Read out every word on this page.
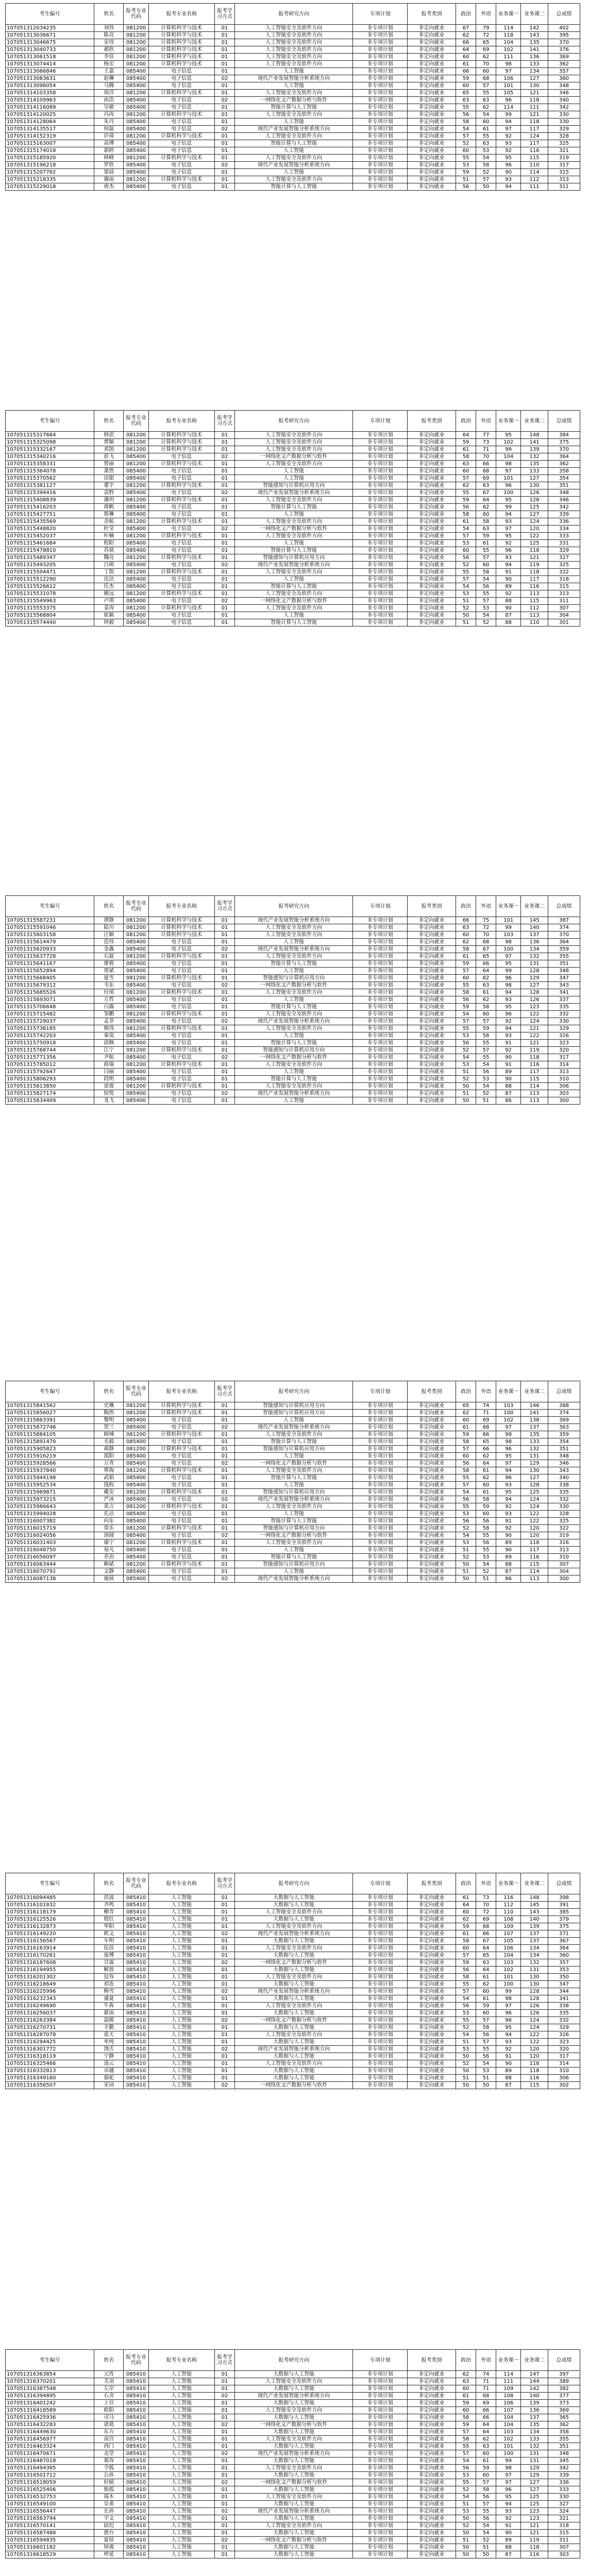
考生编号	姓名	报考专业代码	报考专业名称	报考学习方式	报考研究方向	专项计划	报考类别	政治	外语	业务课一	业务课二	总成绩
107051312034235	刘伟	081200	计算机科学与技术	01	人工智能安全及软件方向	非专项计划	非定向就业	67	79	114	142	402
107051313036671	陈亮	081200	计算机科学与技术	01	人工智能安全及软件方向	非专项计划	非定向就业	62	72	118	143	395
107051313046675	宋伟	081200	计算机科学与技术	01	人工智能安全及软件方向	非专项计划	非定向就业	66	65	104	135	370
107051313040733	郝欣	081200	计算机科学与技术	01	人工智能安全及软件方向	非专项计划	非定向就业	64	69	102	141	376
107051313061518	李佳	081200	计算机科学与技术	01	人工智能安全及软件方向	非专项计划	非定向就业	60	62	111	136	369
107051313074414	杨宏	081200	计算机科学与技术	01	人工智能安全及软件方向	非专项计划	非定向就业	61	70	98	133	362
107051313066846	王嘉	085400	电子信息	01	人工智能	非专项计划	非定向就业	66	60	97	134	357
107051313083631	赵琳	085400	电子信息	02	现代产业发展智能分析系统方向	非专项计划	非定向就业	59	68	106	127	360
107051313096054	马腾	085400	电子信息	01	人工智能	非专项计划	非定向就业	60	57	101	130	348
107051314103358	周洋	081200	计算机科学与技术	01	人工智能安全及软件方向	非专项计划	非定向就业	65	55	105	121	346
107051314109963	孙浩	085400	电子信息	02	一网络化文产数据分析与软件	非专项计划	非定向就业	63	63	96	118	340
107051314116089	吴敏	085400	电子信息	01	智能计算与人工智能	非专项计划	非定向就业	55	62	114	111	342
107051314120025	冯涛	081200	计算机科学与技术	01	人工智能安全及软件方向	非专项计划	非定向就业	56	54	99	121	330
107051314128064	朱丹	085400	电子信息	01	人工智能	非专项计划	非定向就业	58	60	94	118	330
107051314135517	何磊	085400	电子信息	02	现代产业发展智能分析系统方向	非专项计划	非定向就业	54	61	97	117	329
107051314152319	许琦	081200	计算机科学与技术	01	人工智能安全及软件方向	非专项计划	非定向就业	57	55	92	124	328
107051315163007	高博	085400	电子信息	01	智能计算与人工智能	非专项计划	非定向就业	52	63	93	117	325
107051315174018	郭婷	085400	电子信息	01	人工智能	非专项计划	非定向就业	60	53	92	116	321
107051315185920	林峰	081200	计算机科学与技术	01	人工智能安全及软件方向	非专项计划	非定向就业	55	54	95	115	319
107051315196218	罗欣	085400	电子信息	02	现代产业发展智能分析系统方向	非专项计划	非定向就业	53	58	96	110	317
107051315207762	梁晨	085400	电子信息	01	人工智能	非专项计划	非定向就业	59	52	90	114	315
107051315218335	谢雨	081200	计算机科学与技术	01	人工智能安全及软件方向	非专项计划	非定向就业	51	57	93	112	313
107051315229018	唐杰	085400	电子信息	01	智能计算与人工智能	非专项计划	非定向就业	56	50	94	111	311
考生编号	姓名	报考专业代码	报考专业名称	报考学习方式	报考研究方向	专项计划	报考类别	政治	外语	业务课一	业务课二	总成绩
107051315317664	韩思	081200	计算机科学与技术	01	人工智能安全及软件方向	非专项计划	非定向就业	64	77	95	148	384
107051315325098	曹颖	081200	计算机科学与技术	01	人工智能安全及软件方向	非专项计划	非定向就业	59	73	102	141	375
107051315332167	邓凯	081200	计算机科学与技术	01	人工智能安全及软件方向	非专项计划	非定向就业	61	71	99	139	370
107051315340216	彭飞	085400	电子信息	02	一网络化文产数据分析与软件	非专项计划	非定向就业	58	70	104	132	364
107051315358331	曾丽	081200	计算机科学与技术	01	人工智能安全及软件方向	非专项计划	非定向就业	63	66	98	135	362
107051315364078	萧然	085400	电子信息	01	人工智能	非专项计划	非定向就业	60	68	97	133	358
107051315370562	田甜	085400	电子信息	01	人工智能	非专项计划	非定向就业	57	69	101	127	354
107051315381127	董宇	081200	计算机科学与技术	01	智能感知与计算机应用方向	非专项计划	非定向就业	62	63	96	130	351
107051315394416	袁野	085400	电子信息	02	现代产业发展智能分析系统方向	非专项计划	非定向就业	55	67	100	126	348
107051315408839	潘玥	081200	计算机科学与技术	01	人工智能安全及软件方向	非专项计划	非定向就业	59	64	95	128	346
107051315416203	蒋帆	085400	电子信息	01	智能计算与人工智能	非专项计划	非定向就业	56	62	99	125	342
107051315427751	蔡琳	085400	电子信息	01	人工智能	非专项计划	非定向就业	58	60	94	127	339
107051315435569	余航	081200	计算机科学与技术	01	人工智能安全及软件方向	非专项计划	非定向就业	61	58	93	124	336
107051315448820	杜莹	085400	电子信息	02	一网络化文产数据分析与软件	非专项计划	非定向就业	54	63	97	120	334
107051315452037	叶楠	081200	计算机科学与技术	01	人工智能安全及软件方向	非专项计划	非定向就业	57	59	95	122	333
107051315461684	程阳	085400	电子信息	01	人工智能	非专项计划	非定向就业	53	61	92	125	331
107051315478810	苏倩	085400	电子信息	01	智能计算与人工智能	非专项计划	非定向就业	60	55	96	118	329
107051315489347	魏亮	081200	计算机科学与技术	01	智能感知与计算机应用方向	非专项计划	非定向就业	56	57	93	121	327
107051315493205	吕萌	085400	电子信息	02	现代产业发展智能分析系统方向	非专项计划	非定向就业	52	60	94	119	325
107051315504471	丁凯	081200	计算机科学与技术	01	人工智能安全及软件方向	非专项计划	非定向就业	55	58	91	118	322
107051315512290	沈洁	085400	电子信息	01	人工智能	非专项计划	非定向就业	57	54	90	117	318
107051315526612	任杰	085400	电子信息	01	智能计算与人工智能	非专项计划	非定向就业	54	56	89	116	315
107051315531078	姚远	081200	计算机科学与技术	01	人工智能安全及软件方向	非专项计划	非定向就业	53	55	92	113	313
107051315549963	卢琪	085400	电子信息	02	一网络化文产数据分析与软件	非专项计划	非定向就业	51	57	88	115	311
107051315553375	姜涛	081200	计算机科学与技术	01	人工智能安全及软件方向	非专项计划	非定向就业	52	53	90	112	307
107051315568804	崔颖	085400	电子信息	01	人工智能	非专项计划	非定向就业	50	54	87	113	304
107051315574440	钟毅	085400	电子信息	01	智能计算与人工智能	非专项计划	非定向就业	51	52	88	110	301
考生编号	姓名	报考专业代码	报考专业名称	报考学习方式	报考研究方向	专项计划	报考类别	政治	外语	业务课一	业务课二	总成绩
107051315587231	谭静	081200	计算机科学与技术	01	现代产业发展智能分析系统方向	非专项计划	非定向就业	66	75	101	145	387
107051315591046	陆川	081200	计算机科学与技术	01	人工智能安全及软件方向	非专项计划	非定向就业	63	72	99	140	374
107051315603158	汪颖	081200	计算机科学与技术	01	人工智能安全及软件方向	非专项计划	非定向就业	60	70	103	137	370
107051315614479	范伟	085400	电子信息	01	人工智能	非专项计划	非定向就业	62	68	98	136	364
107051315620933	金鑫	085400	电子信息	02	现代产业发展智能分析系统方向	非专项计划	非定向就业	58	67	100	134	359
107051315637728	石磊	081200	计算机科学与技术	01	人工智能安全及软件方向	非专项计划	非定向就业	61	65	97	132	355
107051315641167	廖莉	085400	电子信息	01	智能计算与人工智能	非专项计划	非定向就业	59	66	95	131	351
107051315652894	贾斌	085400	电子信息	01	人工智能	非专项计划	非定向就业	57	64	99	128	348
107051315668405	夏雪	081200	计算机科学与技术	01	智能感知与计算机应用方向	非专项计划	非定向就业	60	62	96	129	347
107051315679312	韦东	085400	电子信息	02	一网络化文产数据分析与软件	非专项计划	非定向就业	55	63	98	127	343
107051315685526	付瑶	081200	计算机科学与技术	01	人工智能安全及软件方向	非专项计划	非定向就业	58	61	94	128	341
107051315693071	方哲	085400	电子信息	01	人工智能	非专项计划	非定向就业	56	62	93	126	337
107051315706648	白露	085400	电子信息	01	智能计算与人工智能	非专项计划	非定向就业	59	58	95	123	335
107051315715482	邹鹏	081200	计算机科学与技术	01	人工智能安全及软件方向	非专项计划	非定向就业	54	60	96	122	332
107051315729037	孟菲	085400	电子信息	02	现代产业发展智能分析系统方向	非专项计划	非定向就业	57	57	92	124	330
107051315736185	熊伟	081200	计算机科学与技术	01	人工智能安全及软件方向	非专项计划	非定向就业	55	59	94	121	329
107051315742203	秦岚	085400	电子信息	01	人工智能	非专项计划	非定向就业	53	58	93	122	326
107051315750918	邱枫	085400	电子信息	01	智能计算与人工智能	非专项计划	非定向就业	56	55	91	121	323
107051315768744	江宁	081200	计算机科学与技术	01	智能感知与计算机应用方向	非专项计划	非定向就业	52	57	92	119	320
107051315771356	尹航	085400	电子信息	02	一网络化文产数据分析与软件	非专项计划	非定向就业	54	55	90	118	317
107051315785012	薛瑞	081200	计算机科学与技术	01	人工智能安全及软件方向	非专项计划	非定向就业	53	54	91	116	314
107051315792647	闫丽	085400	电子信息	01	人工智能	非专项计划	非定向就业	51	56	89	117	313
107051315806293	段明	085400	电子信息	01	智能计算与人工智能	非专项计划	非定向就业	52	53	90	115	310
107051315813850	雷震	081200	计算机科学与技术	01	人工智能安全及软件方向	非专项计划	非定向就业	50	54	88	114	306
107051315827174	侯悦	085400	电子信息	02	现代产业发展智能分析系统方向	非专项计划	非定向就业	51	52	87	113	303
107051315834409	龙飞	085400	电子信息	01	人工智能	非专项计划	非定向就业	50	51	86	113	300
考生编号	姓名	报考专业代码	报考专业名称	报考学习方式	报考研究方向	专项计划	报考类别	政治	外语	业务课一	业务课二	总成绩
107051315841562	史琳	081200	计算机科学与技术	01	智能感知与计算机应用方向	非专项计划	非定向就业	65	74	103	146	388
107051315856027	陶然	081200	计算机科学与技术	01	智能感知与计算机应用方向	非专项计划	非定向就业	62	71	100	141	374
107051315863391	黎明	085400	电子信息	01	人工智能	非专项计划	非定向就业	60	69	102	138	369
107051315872746	贺兰	085400	电子信息	02	现代产业发展智能分析系统方向	非专项计划	非定向就业	61	68	97	137	363
107051315884105	顾城	081200	计算机科学与技术	01	人工智能安全及软件方向	非专项计划	非定向就业	59	66	99	135	359
107051315891470	毛毅	085400	电子信息	01	智能计算与人工智能	非专项计划	非定向就业	58	65	98	133	354
107051315905823	郝静	081200	计算机科学与技术	01	智能感知与计算机应用方向	非专项计划	非定向就业	57	66	96	132	351
107051315916219	邵阳	085400	电子信息	01	人工智能	非专项计划	非定向就业	60	62	95	131	348
107051315928566	万青	085400	电子信息	02	一网络化文产数据分析与软件	非专项计划	非定向就业	56	64	97	129	346
107051315937840	覃海	081200	计算机科学与技术	01	人工智能安全及软件方向	非专项计划	非定向就业	58	61	94	130	343
107051315944198	武娟	085400	电子信息	01	智能计算与人工智能	非专项计划	非定向就业	55	62	96	127	340
107051315952534	钱程	085400	电子信息	01	人工智能	非专项计划	非定向就业	57	60	93	128	338
107051315969871	戴安	081200	计算机科学与技术	01	智能感知与计算机应用方向	非专项计划	非定向就业	54	61	95	125	335
107051315973215	严冰	085400	电子信息	02	现代产业发展智能分析系统方向	非专项计划	非定向就业	56	58	94	124	332
107051315986643	莫言	081200	计算机科学与技术	01	人工智能安全及软件方向	非专项计划	非定向就业	55	59	92	124	330
107051315994028	孔洁	085400	电子信息	01	人工智能	非专项计划	非定向就业	53	60	93	122	328
107051316007382	向东	085400	电子信息	01	智能计算与人工智能	非专项计划	非定向就业	56	56	91	122	325
107051316015719	常乐	081200	计算机科学与技术	01	智能感知与计算机应用方向	非专项计划	非定向就业	52	58	92	120	322
107051316024056	汤圆	085400	电子信息	02	一网络化文产数据分析与软件	非专项计划	非定向就业	54	55	90	120	319
107051316031403	康宁	081200	计算机科学与技术	01	人工智能安全及软件方向	非专项计划	非定向就业	53	56	89	118	316
107051316048750	易凡	085400	电子信息	01	人工智能	非专项计划	非定向就业	51	55	90	117	313
107051316056097	乔治	085400	电子信息	01	智能计算与人工智能	非专项计划	非定向就业	52	53	89	116	310
107051316063444	赖斌	081200	计算机科学与技术	01	智能感知与计算机应用方向	非专项计划	非定向就业	50	54	88	115	307
107051316070791	文静	085400	电子信息	01	人工智能	非专项计划	非定向就业	51	52	87	114	304
107051316087138	施展	085400	电子信息	02	现代产业发展智能分析系统方向	非专项计划	非定向就业	50	51	86	113	300
考生编号	姓名	报考专业代码	报考专业名称	报考学习方式	报考研究方向	专项计划	报考类别	政治	外语	业务课一	业务课二	总成绩
107051316094485	洪波	085410	人工智能	01	大数据与人工智能	非专项计划	非定向就业	61	73	116	148	398
107051316101832	齐鸣	085410	人工智能	01	大数据与人工智能	非专项计划	非定向就业	64	70	112	145	391
107051316118179	柳青	085410	人工智能	01	人工智能安全及软件方向	非专项计划	非定向就业	60	72	110	143	385
107051316125526	殷红	085410	人工智能	01	大数据与人工智能	非专项计划	非定向就业	62	69	108	140	379
107051316132873	华阳	085410	人工智能	01	人工智能安全及软件方向	非专项计划	非定向就业	59	68	109	139	375
107051316149220	欧文	085410	人工智能	02	现代产业发展智能分析系统方向	非专项计划	非定向就业	61	66	107	137	371
107051316156567	车明	085410	人工智能	01	大数据与人工智能	非专项计划	非定向就业	58	67	105	137	367
107051316163914	伍佳	085410	人工智能	01	人工智能安全及软件方向	非专项计划	非定向就业	60	64	106	134	364
107051316170261	庞博	085410	人工智能	01	大数据与人工智能	非专项计划	非定向就业	57	65	104	134	360
107051316187608	甘霖	085410	人工智能	02	一网络化文产数据分析与软件	非专项计划	非定向就业	59	63	103	132	357
107051316194955	解放	085410	人工智能	01	大数据与人工智能	非专项计划	非定向就业	56	64	102	131	353
107051316201302	包容	085410	人工智能	01	人工智能安全及软件方向	非专项计划	非定向就业	58	61	101	130	350
107051316218649	祁连	085410	人工智能	01	大数据与人工智能	非专项计划	非定向就业	55	62	100	130	347
107051316225996	梅雪	085410	人工智能	02	现代产业发展智能分析系统方向	非专项计划	非定向就业	57	60	99	128	344
107051316232343	盛夏	085410	人工智能	01	大数据与人工智能	非专项计划	非定向就业	54	61	98	128	341
107051316249690	牛犇	085410	人工智能	01	人工智能安全及软件方向	非专项计划	非定向就业	56	59	97	126	338
107051316256037	翟雨	085410	人工智能	01	大数据与人工智能	非专项计划	非定向就业	53	60	96	126	335
107051316263384	温暖	085410	人工智能	02	一网络化文产数据分析与软件	非专项计划	非定向就业	55	57	96	124	332
107051316270731	辛勤	085410	人工智能	01	大数据与人工智能	非专项计划	非定向就业	52	58	95	124	329
107051316287078	蓝天	085410	人工智能	01	人工智能安全及软件方向	非专项计划	非定向就业	54	56	94	122	326
107051316294425	单纯	085410	人工智能	01	大数据与人工智能	非专项计划	非定向就业	51	57	93	122	323
107051316301772	饶舌	085410	人工智能	02	现代产业发展智能分析系统方向	非专项计划	非定向就业	53	55	92	120	320
107051316318119	宁静	085410	人工智能	01	大数据与人工智能	非专项计划	非定向就业	50	56	91	120	317
107051316325466	凌云	085410	人工智能	01	人工智能安全及软件方向	非专项计划	非定向就业	52	54	90	118	314
107051316332813	卓越	085410	人工智能	01	大数据与人工智能	非专项计划	非定向就业	50	53	89	118	310
107051316349160	骆驼	085410	人工智能	01	大数据与人工智能	非专项计划	非定向就业	51	51	88	116	306
107051316356507	宋词	085410	人工智能	02	一网络化文产数据分析与软件	非专项计划	非定向就业	50	50	87	115	302
考生编号	姓名	报考专业代码	报考专业名称	报考学习方式	报考研究方向	专项计划	报考类别	政治	外语	业务课一	业务课二	总成绩
107051316363854	元宵	085410	人工智能	01	大数据与人工智能	非专项计划	非定向就业	62	74	114	147	397
107051316370201	关羽	085410	人工智能	01	人工智能安全及软件方向	非专项计划	非定向就业	63	71	111	144	389
107051316387548	左岸	085410	人工智能	01	大数据与人工智能	非专项计划	非定向就业	60	71	109	142	382
107051316394895	右舍	085410	人工智能	02	现代产业发展智能分析系统方向	非专项计划	非定向就业	61	68	108	140	377
107051316401242	上官	085410	人工智能	01	大数据与人工智能	非专项计划	非定向就业	59	69	106	139	373
107051316418589	欧阳	085410	人工智能	01	人工智能安全及软件方向	非专项计划	非定向就业	60	66	107	136	369
107051316425936	司马	085410	人工智能	01	大数据与人工智能	非专项计划	非定向就业	58	66	104	137	365
107051316432283	诸葛	085410	人工智能	02	一网络化文产数据分析与软件	非专项计划	非定向就业	59	64	104	135	362
107051316449630	东方	085410	人工智能	01	大数据与人工智能	非专项计划	非定向就业	57	64	103	134	358
107051316456977	南宫	085410	人工智能	01	人工智能安全及软件方向	非专项计划	非定向就业	58	62	102	133	355
107051316463324	西门	085410	人工智能	01	大数据与人工智能	非专项计划	非定向就业	55	63	101	132	351
107051316470671	北堂	085410	人工智能	02	现代产业发展智能分析系统方向	非专项计划	非定向就业	57	60	100	131	348
107051316487018	慕容	085410	人工智能	01	大数据与人工智能	非专项计划	非定向就业	54	61	99	131	345
107051316494365	令狐	085410	人工智能	01	人工智能安全及软件方向	非专项计划	非定向就业	56	59	98	129	342
107051316501712	公孙	085410	人工智能	01	大数据与人工智能	非专项计划	非定向就业	53	60	97	129	339
107051316518059	轩辕	085410	人工智能	02	一网络化文产数据分析与软件	非专项计划	非定向就业	55	57	97	127	336
107051316525406	独孤	085410	人工智能	01	大数据与人工智能	非专项计划	非定向就业	52	58	96	127	333
107051316532753	端木	085410	人工智能	01	人工智能安全及软件方向	非专项计划	非定向就业	54	56	95	125	330
107051316549100	皇甫	085410	人工智能	01	大数据与人工智能	非专项计划	非定向就业	51	57	94	125	327
107051316556447	长孙	085410	人工智能	02	现代产业发展智能分析系统方向	非专项计划	非定向就业	53	55	93	123	324
107051316563794	宇文	085410	人工智能	01	大数据与人工智能	非专项计划	非定向就业	50	56	92	123	321
107051316570141	尉迟	085410	人工智能	01	人工智能安全及软件方向	非专项计划	非定向就业	52	54	91	121	318
107051316587488	澹台	085410	人工智能	01	大数据与人工智能	非专项计划	非定向就业	50	54	90	121	315
107051316594835	夏侯	085410	人工智能	02	一网络化文产数据分析与软件	非专项计划	非定向就业	51	52	89	119	311
107051316601182	钟离	085410	人工智能	01	大数据与人工智能	非专项计划	非定向就业	50	51	88	118	307
107051316618529	呼延	085410	人工智能	01	大数据与人工智能	非专项计划	非定向就业	50	50	87	116	303
